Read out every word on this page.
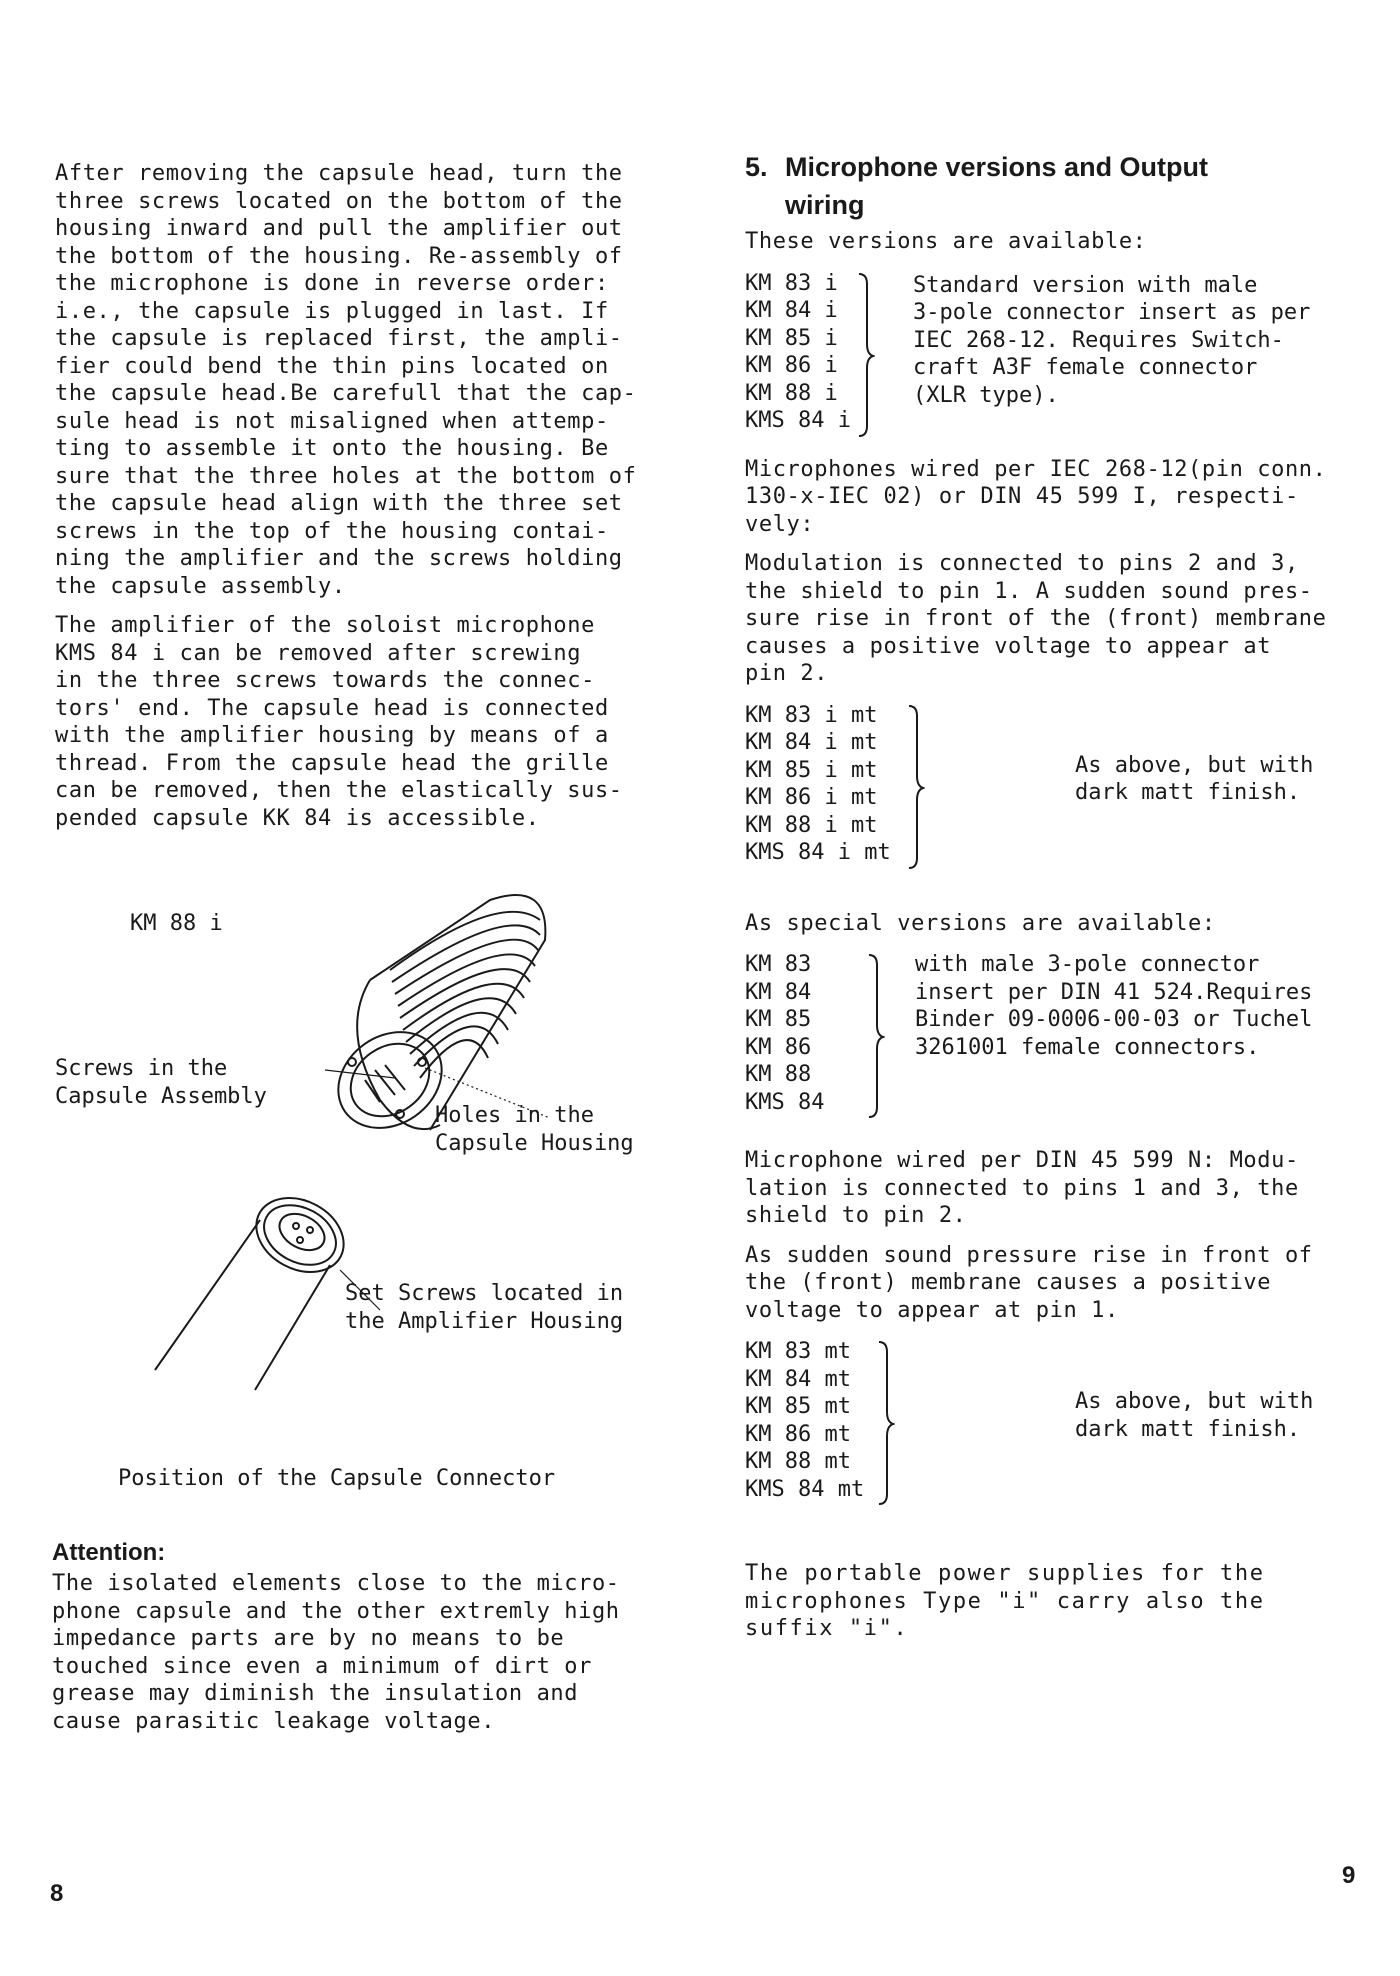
After removing the capsule head, turn the
three screws located on the bottom of the
housing inward and pull the amplifier out
the bottom of the housing. Re-assembly of
the microphone is done in reverse order:
i.e., the capsule is plugged in last. If
the capsule is replaced first, the ampli-
fier could bend the thin pins located on
the capsule head.Be carefull that the cap-
sule head is not misaligned when attemp-
ting to assemble it onto the housing. Be
sure that the three holes at the bottom of
the capsule head align with the three set
screws in the top of the housing contai-
ning the amplifier and the screws holding
the capsule assembly.

The amplifier of the soloist microphone
KMS 84 i can be removed after screwing
in the three screws towards the connec-
tors' end. The capsule head is connected
with the amplifier housing by means of a
thread. From the capsule head the grille
can be removed, then the elastically sus-
pended capsule KK 84 is accessible.

KM 88 i
Screws in the
Capsule Assembly
Holes in the
Capsule Housing
Set Screws located in
the Amplifier Housing
Position of the Capsule Connector

Attention:

The isolated elements close to the micro-
phone capsule and the other extremly high
impedance parts are by no means to be
touched since even a minimum of dirt or
grease may diminish the insulation and
cause parasitic leakage voltage.

8
5. Microphone versions and Output
wiring

These versions are available:

KM 83 i
KM 84 i
KM 85 i
KM 86 i
KM 88 i
KMS 84 i
Standard version with male
3-pole connector insert as per
IEC 268-12. Requires Switch-
craft A3F female connector
(XLR type).

Microphones wired per IEC 268-12(pin conn.
130-x-IEC 02) or DIN 45 599 I, respecti-
vely:

Modulation is connected to pins 2 and 3,
the shield to pin 1. A sudden sound pres-
sure rise in front of the (front) membrane
causes a positive voltage to appear at
pin 2.

KM 83 i mt
KM 84 i mt
KM 85 i mt
KM 86 i mt
KM 88 i mt
KMS 84 i mt
As above, but with
dark matt finish.

As special versions are available:

KM 83
KM 84
KM 85
KM 86
KM 88
KMS 84
with male 3-pole connector
insert per DIN 41 524.Requires
Binder 09-0006-00-03 or Tuchel
3261001 female connectors.

Microphone wired per DIN 45 599 N: Modu-
lation is connected to pins 1 and 3, the
shield to pin 2.

As sudden sound pressure rise in front of
the (front) membrane causes a positive
voltage to appear at pin 1.

KM 83 mt
KM 84 mt
KM 85 mt
KM 86 mt
KM 88 mt
KMS 84 mt
As above, but with
dark matt finish.

The portable power supplies for the
microphones Type "i" carry also the
suffix "i".

9
